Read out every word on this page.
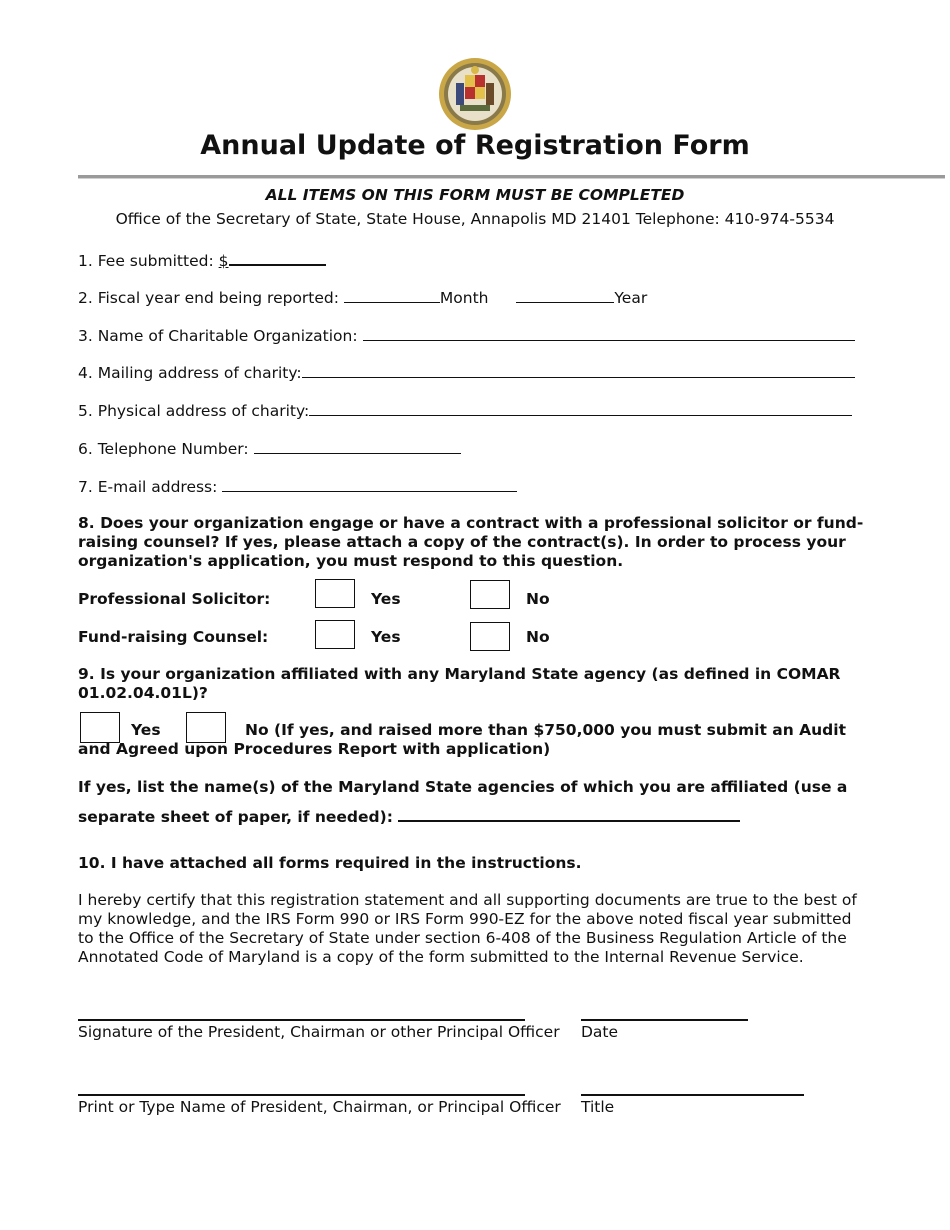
Annual Update of Registration Form
ALL ITEMS ON THIS FORM MUST BE COMPLETED
Office of the Secretary of State, State House, Annapolis MD 21401 Telephone: 410-974-5534
1. Fee submitted: $
2. Fiscal year end being reported:	Month	Year
3. Name of Charitable Organization:
4. Mailing address of charity:
5. Physical address of charity:
6. Telephone Number:
7. E-mail address:
8. Does your organization engage or have a contract with a professional solicitor or fund-raising counsel? If yes, please attach a copy of the contract(s). In order to process your organization's application, you must respond to this question.
Professional Solicitor:	Yes	No
Fund-raising Counsel:	Yes	No
9. Is your organization affiliated with any Maryland State agency (as defined in COMAR 01.02.04.01L)?
Yes	No (If yes, and raised more than $750,000 you must submit an Audit
and Agreed upon Procedures Report with application)
If yes, list the name(s) of the Maryland State agencies of which you are affiliated (use a
separate sheet of paper, if needed):
10. I have attached all forms required in the instructions.
I hereby certify that this registration statement and all supporting documents are true to the best of my knowledge, and the IRS Form 990 or IRS Form 990-EZ for the above noted fiscal year submitted to the Office of the Secretary of State under section 6-408 of the Business Regulation Article of the Annotated Code of Maryland is a copy of the form submitted to the Internal Revenue Service.
Signature of the President, Chairman or other Principal Officer Date
Print or Type Name of President, Chairman, or Principal Officer Title
